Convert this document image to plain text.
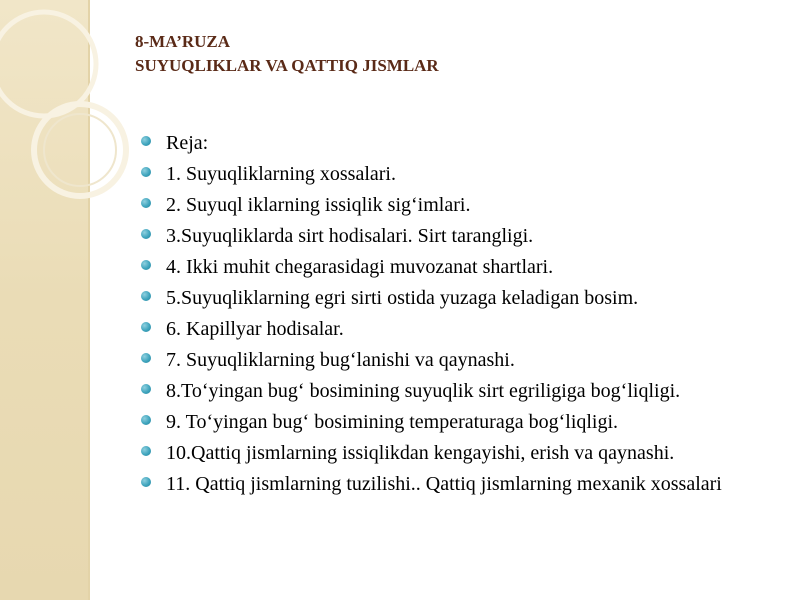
8-MA’RUZA
SUYUQLIKLAR VA QATTIQ JISMLAR
Reja:
1. Suyuqliklarning xossalari.
2. Suyuql iklarning issiqlik sig‘imlari.
3.Suyuqliklarda sirt hodisalari. Sirt tarangligi.
4. Ikki muhit chegarasidagi muvozanat shartlari.
5.Suyuqliklarning egri sirti ostida yuzaga keladigan bosim.
6. Kapillyar hodisalar.
7. Suyuqliklarning bug‘lanishi va qaynashi.
8.To‘yingan bug‘ bosimining suyuqlik sirt egriligiga bog‘liqligi.
9. To‘yingan bug‘ bosimining temperaturaga bog‘liqligi.
10.Qattiq jismlarning issiqlikdan kengayishi, erish va qaynashi.
11. Qattiq jismlarning tuzilishi.. Qattiq jismlarning mexanik xossalari
